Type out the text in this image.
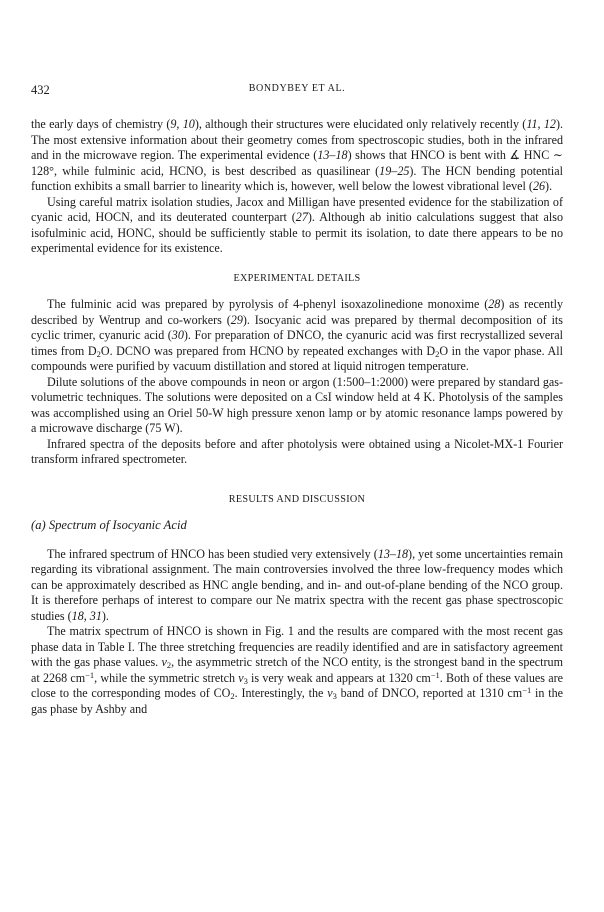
432	BONDYBEY ET AL.

the early days of chemistry (9, 10), although their structures were elucidated only relatively recently (11, 12). The most extensive information about their geometry comes from spectroscopic studies, both in the infrared and in the microwave region. The experimental evidence (13–18) shows that HNCO is bent with ∡ HNC ∼ 128°, while fulminic acid, HCNO, is best described as quasilinear (19–25). The HCN bending potential function exhibits a small barrier to linearity which is, however, well below the lowest vibrational level (26).

Using careful matrix isolation studies, Jacox and Milligan have presented evidence for the stabilization of cyanic acid, HOCN, and its deuterated counterpart (27). Although ab initio calculations suggest that also isofulminic acid, HONC, should be sufficiently stable to permit its isolation, to date there appears to be no experimental evidence for its existence.

EXPERIMENTAL DETAILS

The fulminic acid was prepared by pyrolysis of 4-phenyl isoxazolinedione monoxime (28) as recently described by Wentrup and co-workers (29). Isocyanic acid was prepared by thermal decomposition of its cyclic trimer, cyanuric acid (30). For preparation of DNCO, the cyanuric acid was first recrystallized several times from $D_2O$. DCNO was prepared from HCNO by repeated exchanges with $D_2O$ in the vapor phase. All compounds were purified by vacuum distillation and stored at liquid nitrogen temperature.

Dilute solutions of the above compounds in neon or argon (1:500–1:2000) were prepared by standard gas-volumetric techniques. The solutions were deposited on a CsI window held at 4 K. Photolysis of the samples was accomplished using an Oriel 50-W high pressure xenon lamp or by atomic resonance lamps powered by a microwave discharge (75 W).

Infrared spectra of the deposits before and after photolysis were obtained using a Nicolet-MX-1 Fourier transform infrared spectrometer.

RESULTS AND DISCUSSION
(a) Spectrum of Isocyanic Acid

The infrared spectrum of HNCO has been studied very extensively (13–18), yet some uncertainties remain regarding its vibrational assignment. The main controversies involved the three low-frequency modes which can be approximately described as HNC angle bending, and in- and out-of-plane bending of the NCO group. It is therefore perhaps of interest to compare our Ne matrix spectra with the recent gas phase spectroscopic studies (18, 31).

The matrix spectrum of HNCO is shown in Fig. 1 and the results are compared with the most recent gas phase data in Table I. The three stretching frequencies are readily identified and are in satisfactory agreement with the gas phase values. $\nu_2$, the asymmetric stretch of the NCO entity, is the strongest band in the spectrum at 2268 $cm^{-1}$, while the symmetric stretch $\nu_3$ is very weak and appears at 1320 $cm^{-1}$. Both of these values are close to the corresponding modes of $CO_2$. Interestingly, the $\nu_3$ band of DNCO, reported at 1310 $cm^{-1}$ in the gas phase by Ashby and
